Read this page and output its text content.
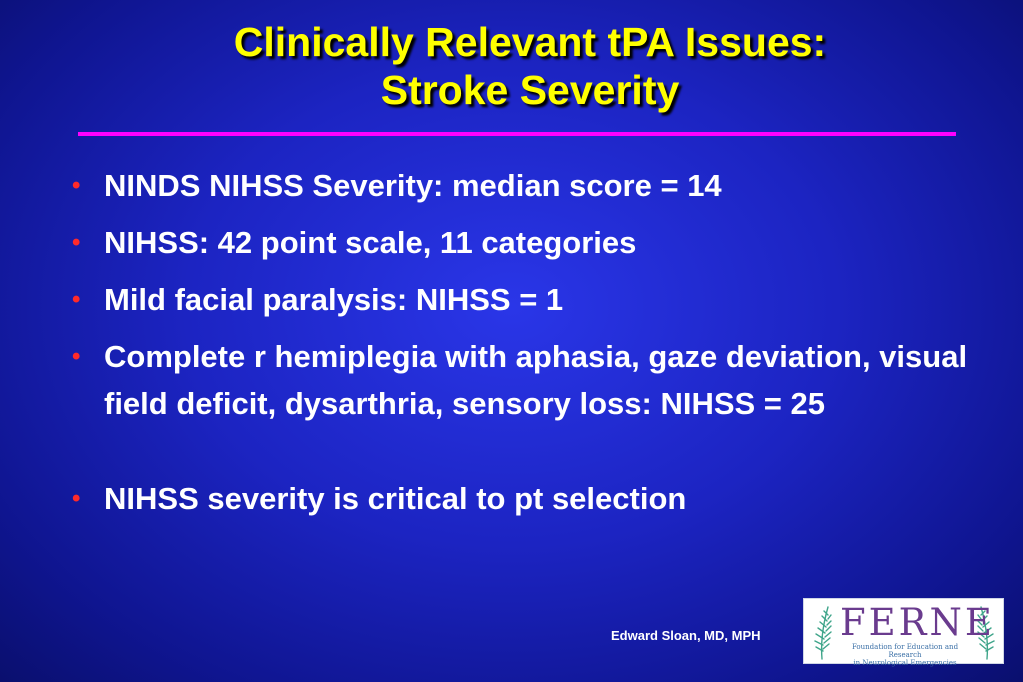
Clinically Relevant tPA Issues:
Stroke Severity
• NINDS NIHSS Severity: median score = 14
• NIHSS: 42 point scale, 11 categories
• Mild facial paralysis: NIHSS = 1
• Complete r hemiplegia with aphasia, gaze deviation, visual field deficit, dysarthria, sensory loss: NIHSS = 25
• NIHSS severity is critical to pt selection
Edward Sloan, MD, MPH FERNE
Foundation for Education and Research
in Neurological Emergencies
